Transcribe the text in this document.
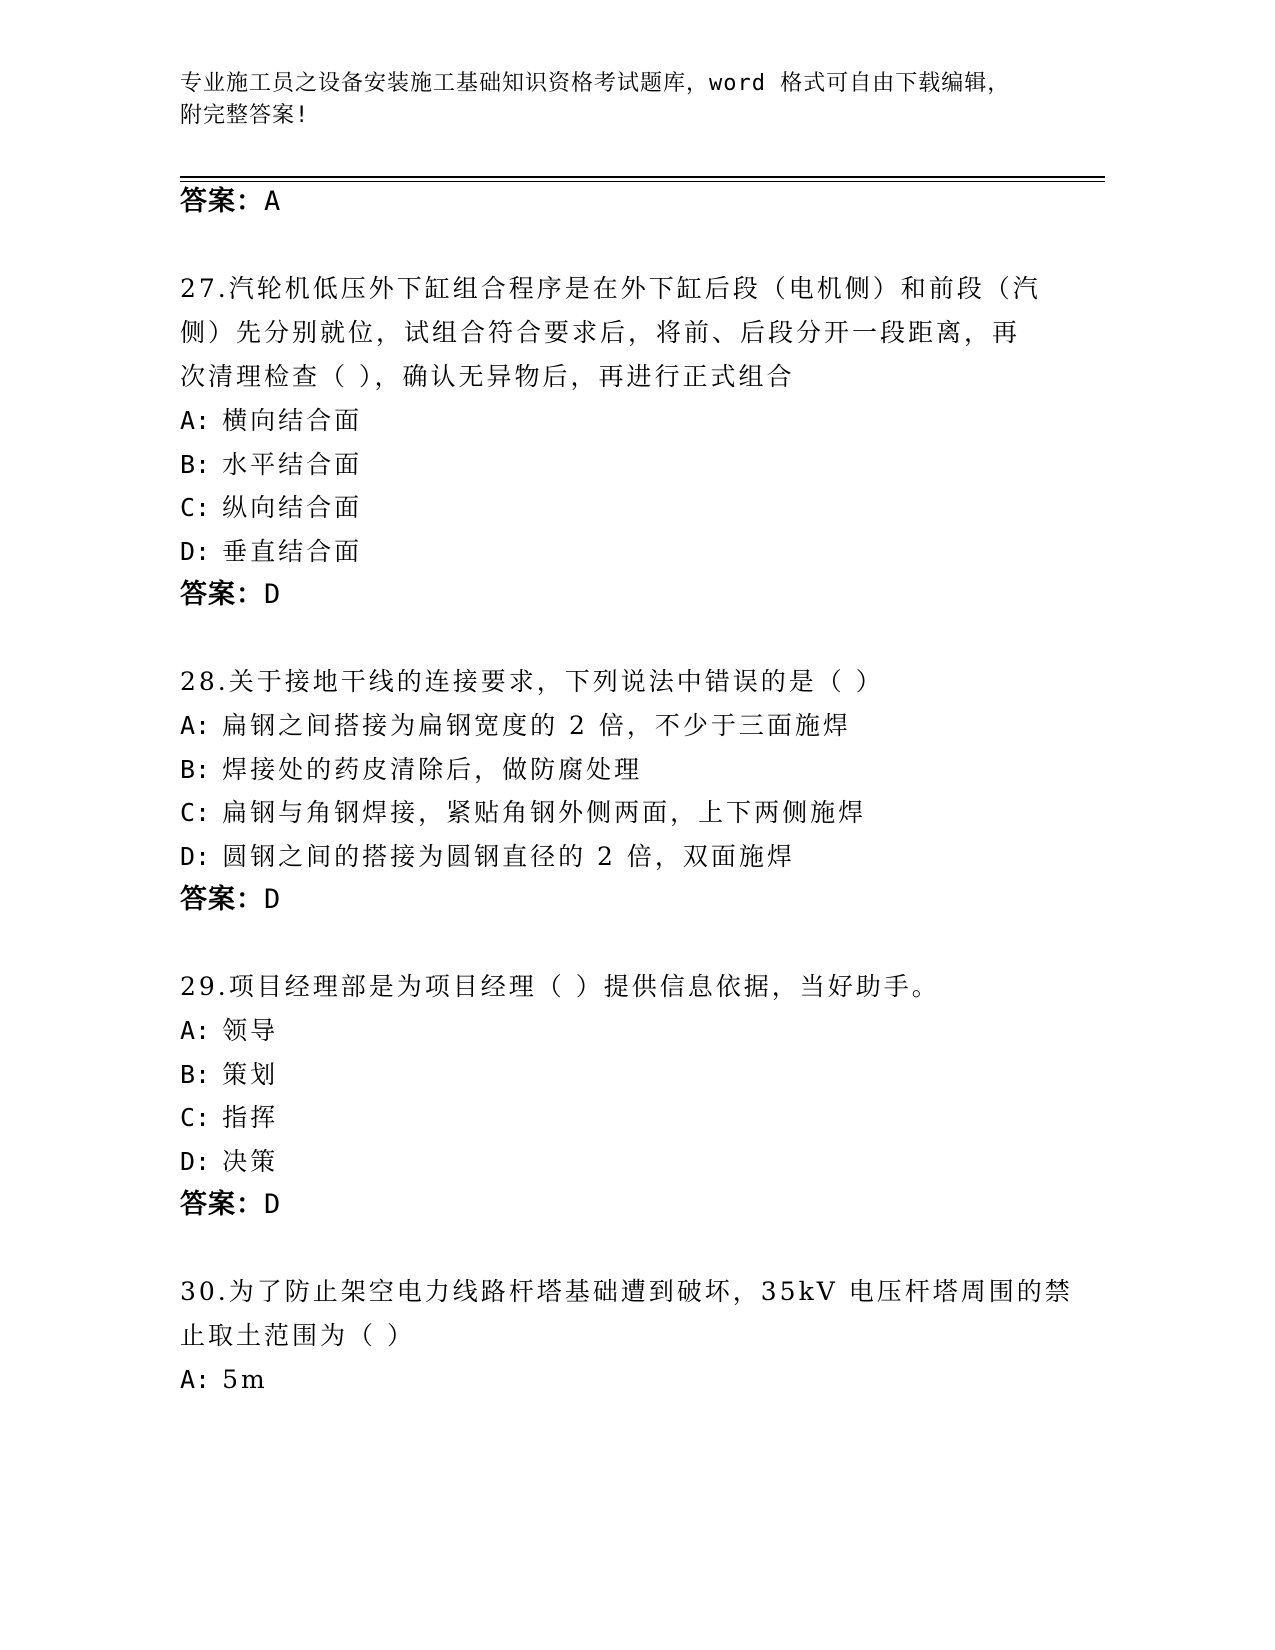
专业施工员之设备安装施工基础知识资格考试题库，word 格式可自由下载编辑，
附完整答案!

答案：A

27.汽轮机低压外下缸组合程序是在外下缸后段（电机侧）和前段（汽
侧）先分别就位，试组合符合要求后，将前、后段分开一段距离，再
次清理检查（ ），确认无异物后，再进行正式组合
A: 横向结合面
B: 水平结合面
C: 纵向结合面
D: 垂直结合面

答案：D

28.关于接地干线的连接要求，下列说法中错误的是（ ）
A: 扁钢之间搭接为扁钢宽度的 2 倍，不少于三面施焊
B: 焊接处的药皮清除后，做防腐处理
C: 扁钢与角钢焊接，紧贴角钢外侧两面，上下两侧施焊
D: 圆钢之间的搭接为圆钢直径的 2 倍，双面施焊

答案：D

29.项目经理部是为项目经理（ ）提供信息依据，当好助手。
A: 领导
B: 策划
C: 指挥
D: 决策

答案：D

30.为了防止架空电力线路杆塔基础遭到破坏，35kV 电压杆塔周围的禁
止取土范围为（ ）
A: 5m
